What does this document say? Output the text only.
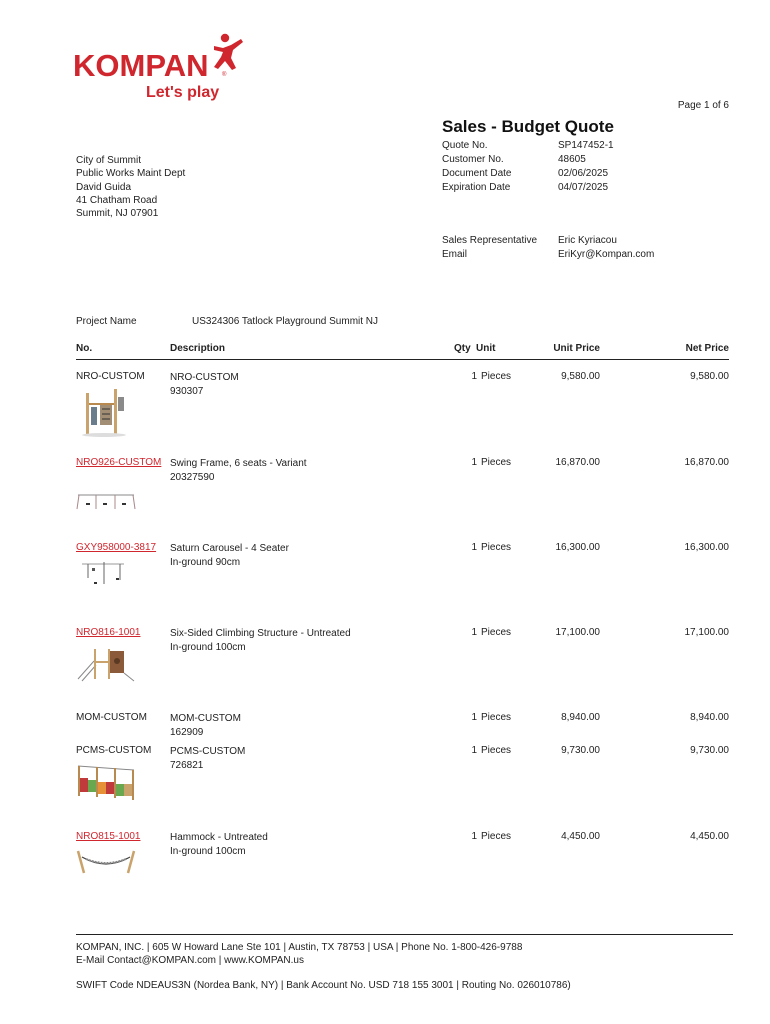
KOMPAN ®
Let's play
Page 1 of 6
Sales - Budget Quote
Quote No.	SP147452-1
Customer No.	48605
Document Date	02/06/2025
Expiration Date	04/07/2025
City of Summit
Public Works Maint Dept
David Guida
41 Chatham Road
Summit, NJ 07901
Sales Representative	Eric Kyriacou
Email	EriKyr@Kompan.com
Project Name	US324306 Tatlock Playground Summit NJ
No.	Description	Qty Unit	Unit Price	Net Price
NRO-CUSTOM	NRO-CUSTOM
930307
1 Pieces	9,580.00	9,580.00
NRO926-CUSTOM Swing Frame, 6 seats - Variant
20327590
1 Pieces	16,870.00	16,870.00
GXY958000-3817 Saturn Carousel - 4 Seater
In-ground 90cm
1 Pieces	16,300.00	16,300.00
NRO816-1001	Six-Sided Climbing Structure - Untreated
In-ground 100cm
1 Pieces	17,100.00	17,100.00
MOM-CUSTOM MOM-CUSTOM
162909
1 Pieces	8,940.00	8,940.00
PCMS-CUSTOM PCMS-CUSTOM
726821
1 Pieces	9,730.00	9,730.00
NRO815-1001	Hammock - Untreated
In-ground 100cm
1 Pieces	4,450.00	4,450.00
KOMPAN, INC. | 605 W Howard Lane Ste 101 | Austin, TX 78753 | USA | Phone No. 1-800-426-9788
E-Mail Contact@KOMPAN.com | www.KOMPAN.us
SWIFT Code NDEAUS3N (Nordea Bank, NY) | Bank Account No. USD 718 155 3001 | Routing No. 026010786)
